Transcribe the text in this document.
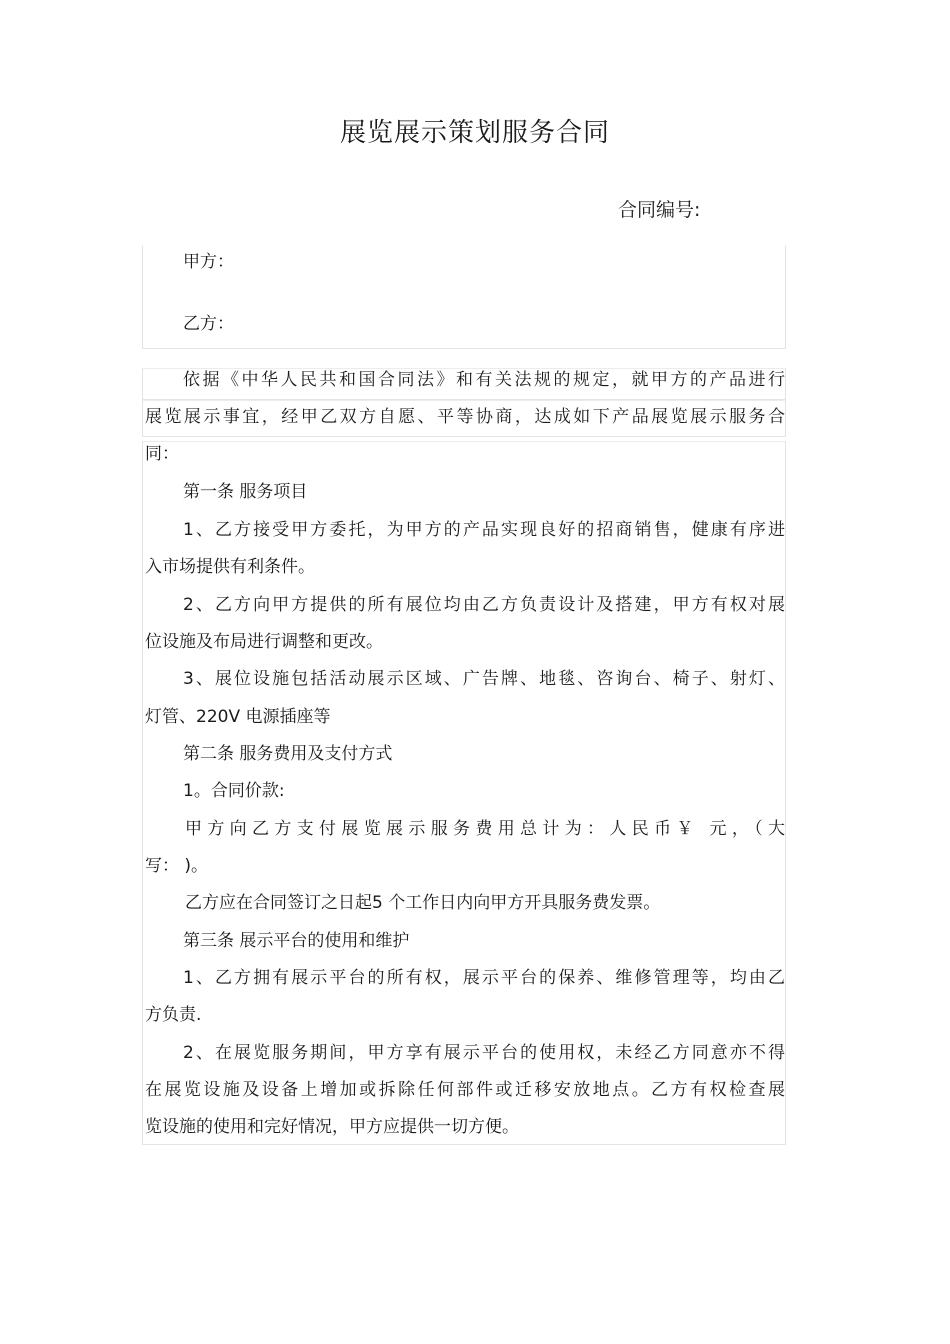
展览展示策划服务合同
合同编号:
甲方：
乙方：
依据《中华人民共和国合同法》和有关法规的规定，就甲方的产品进行
展览展示事宜，经甲乙双方自愿、平等协商，达成如下产品展览展示服务合
同：
第一条 服务项目
1、乙方接受甲方委托，为甲方的产品实现良好的招商销售，健康有序进
入市场提供有利条件。
2、乙方向甲方提供的所有展位均由乙方负责设计及搭建，甲方有权对展
位设施及布局进行调整和更改。
3、展位设施包括活动展示区域、广告牌、地毯、咨询台、椅子、射灯、
灯管、220V 电源插座等
第二条 服务费用及支付方式
1。合同价款:
甲方向乙方支付展览展示服务费用总计为：人民币￥ 元，（大
写： )。
乙方应在合同签订之日起5 个工作日内向甲方开具服务费发票。
第三条 展示平台的使用和维护
1、乙方拥有展示平台的所有权，展示平台的保养、维修管理等，均由乙
方负责.
2、在展览服务期间，甲方享有展示平台的使用权，未经乙方同意亦不得
在展览设施及设备上增加或拆除任何部件或迁移安放地点。乙方有权检查展
览设施的使用和完好情况，甲方应提供一切方便。
